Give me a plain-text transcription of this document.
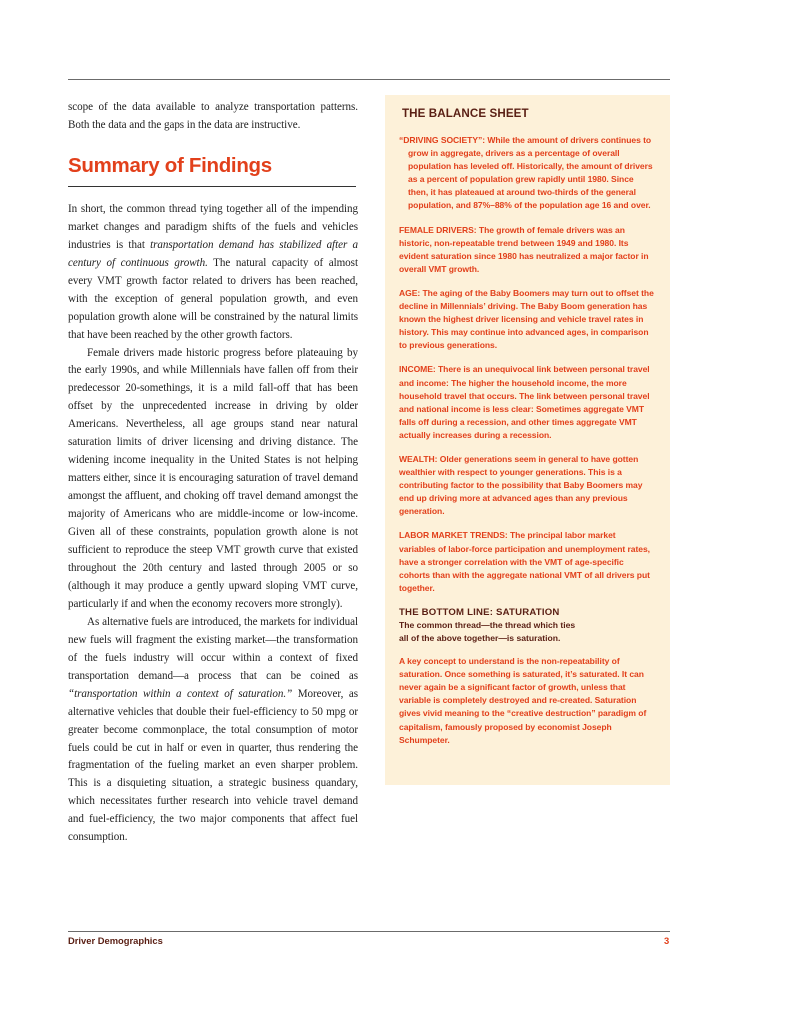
scope of the data available to analyze transportation patterns. Both the data and the gaps in the data are instructive.

Summary of Findings

In short, the common thread tying together all of the impending market changes and paradigm shifts of the fuels and vehicles industries is that transportation demand has stabilized after a century of continuous growth. The natural capacity of almost every VMT growth factor related to drivers has been reached, with the exception of general population growth, and even population growth alone will be constrained by the natural limits that have been reached by the other growth factors.

Female drivers made historic progress before plateauing by the early 1990s, and while Millennials have fallen off from their predecessor 20-somethings, it is a mild fall-off that has been offset by the unprecedented increase in driving by older Americans. Nevertheless, all age groups stand near natural saturation limits of driver licensing and driving distance. The widening income inequality in the United States is not helping matters either, since it is encouraging saturation of travel demand amongst the affluent, and choking off travel demand amongst the majority of Americans who are middle-income or low-income. Given all of these constraints, population growth alone is not sufficient to reproduce the steep VMT growth curve that existed throughout the 20th century and lasted through 2005 or so (although it may produce a gently upward sloping VMT curve, particularly if and when the economy recovers more strongly).

As alternative fuels are introduced, the markets for individual new fuels will fragment the existing market—the transformation of the fuels industry will occur within a context of fixed transportation demand—a process that can be coined as “transportation within a context of saturation.” Moreover, as alternative vehicles that double their fuel-efficiency to 50 mpg or greater become commonplace, the total consumption of motor fuels could be cut in half or even in quarter, thus rendering the fragmentation of the fueling market an even sharper problem. This is a disquieting situation, a strategic business quandary, which necessitates further research into vehicle travel demand and fuel-efficiency, the two major components that affect fuel consumption.

THE BALANCE SHEET
“DRIVING SOCIETY”: While the amount of drivers continues to grow in aggregate, drivers as a percentage of overall population has leveled off. Historically, the amount of drivers as a percent of population grew rapidly until 1980. Since then, it has plateaued at around two-thirds of the general population, and 87%–88% of the population age 16 and over.
FEMALE DRIVERS: The growth of female drivers was an historic, non-repeatable trend between 1949 and 1980. Its evident saturation since 1980 has neutralized a major factor in overall VMT growth.
AGE: The aging of the Baby Boomers may turn out to offset the decline in Millennials’ driving. The Baby Boom generation has known the highest driver licensing and vehicle travel rates in history. This may continue into advanced ages, in comparison to previous generations.
INCOME: There is an unequivocal link between personal travel and income: The higher the household income, the more household travel that occurs. The link between personal travel and national income is less clear: Sometimes aggregate VMT falls off during a recession, and other times aggregate VMT actually increases during a recession.
WEALTH: Older generations seem in general to have gotten wealthier with respect to younger generations. This is a contributing factor to the possibility that Baby Boomers may end up driving more at advanced ages than any previous generation.
LABOR MARKET TRENDS: The principal labor market variables of labor-force participation and unemployment rates, have a stronger correlation with the VMT of age-specific cohorts than with the aggregate national VMT of all drivers put together.
THE BOTTOM LINE: SATURATION
The common thread—the thread which ties
all of the above together—is saturation.
A key concept to understand is the non-repeatability of saturation. Once something is saturated, it’s saturated. It can never again be a significant factor of growth, unless that variable is completely destroyed and re-created. Saturation gives vivid meaning to the “creative destruction” paradigm of capitalism, famously proposed by economist Joseph Schumpeter.
Driver Demographics	3
